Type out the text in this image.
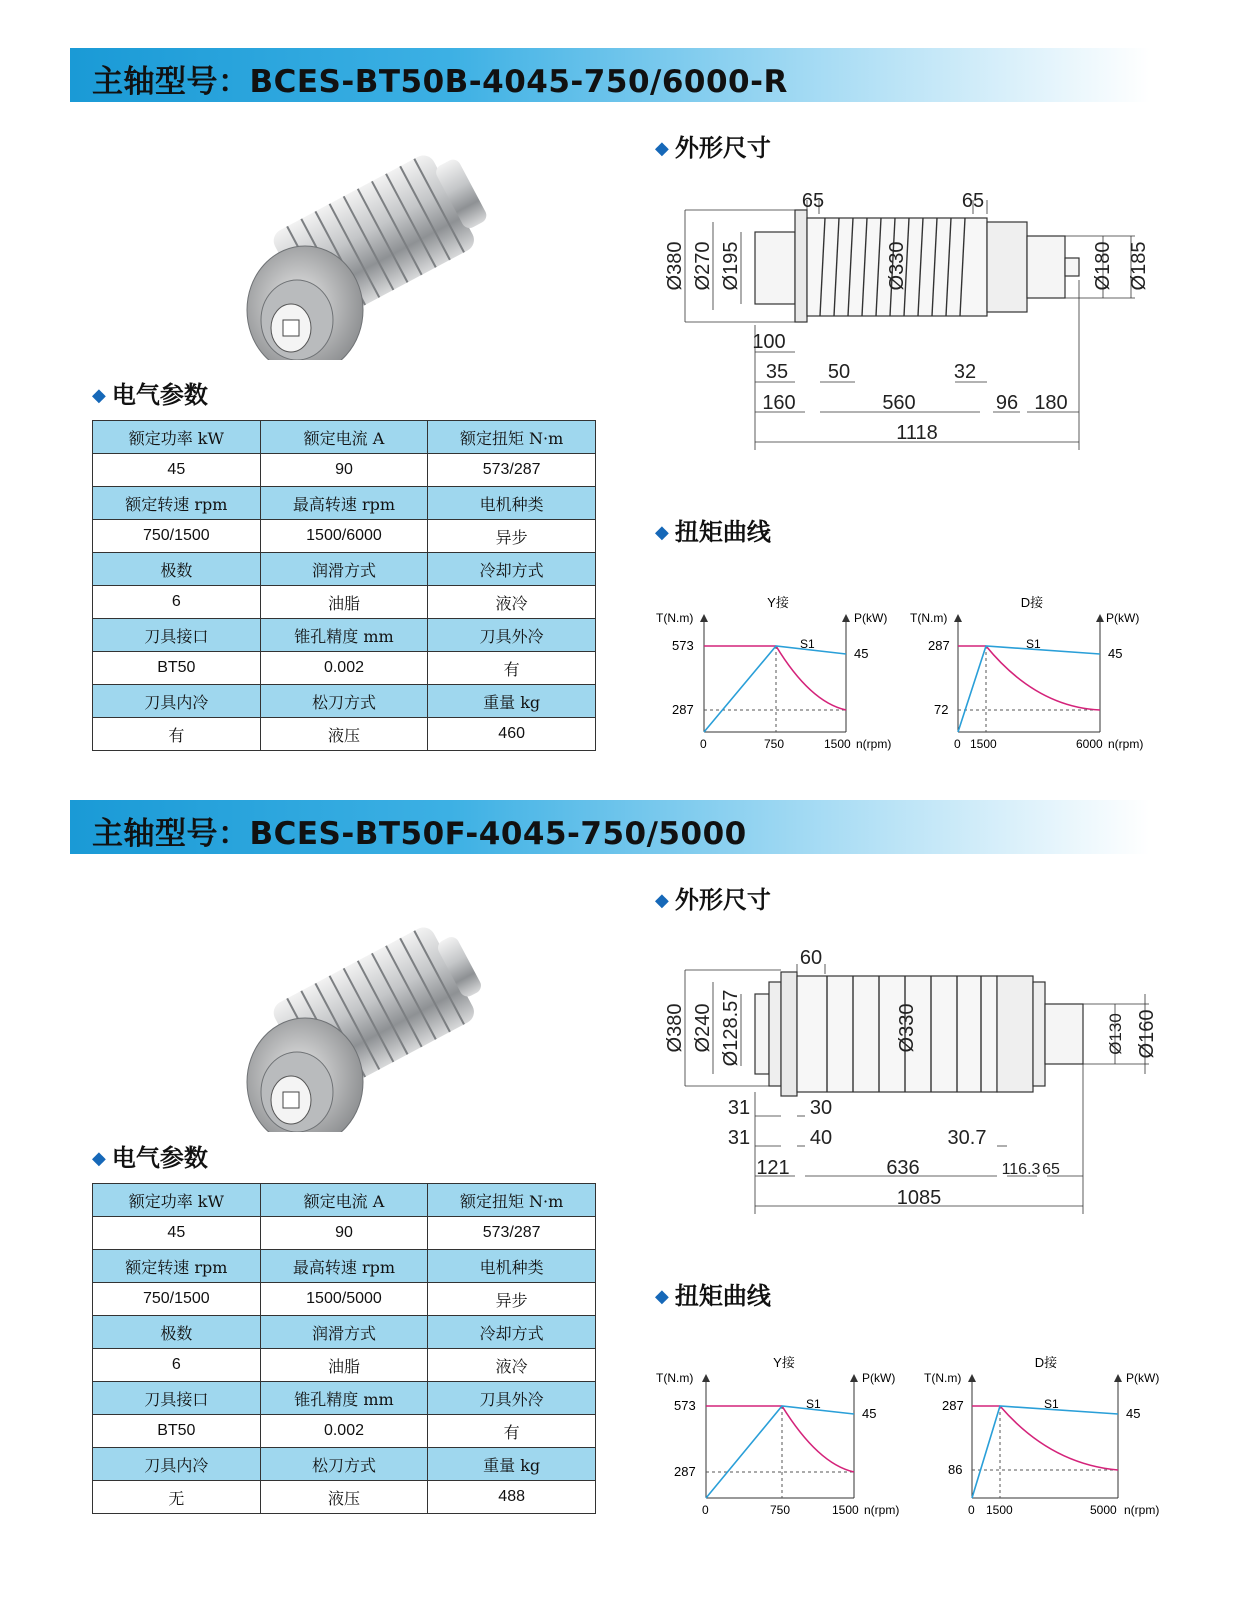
主轴型号：BCES-BT50B-4045-750/6000-R
◆ 电气参数
额定功率 kW	额定电流 A	额定扭矩 N·m
45	90	573/287
额定转速 rpm	最高转速 rpm	电机种类
750/1500	1500/6000	异步
极数	润滑方式	冷却方式
6	油脂	液冷
刀具接口	锥孔精度 mm	刀具外冷
BT50	0.002	有
刀具内冷	松刀方式	重量 kg
有	液压	460
◆ 外形尺寸
65	65
Ø380 Ø270 Ø195	Ø330	Ø180 Ø185
100
35 50	32
160	560	96 180
1118
◆ 扭矩曲线
Y接
T(N.m)	P(kW)
573
287
45
S1
0	750	1500 n(rpm)
D接
T(N.m)	P(kW)
287
72
45
S1
0 1500	6000 n(rpm)
主轴型号：BCES-BT50F-4045-750/5000
◆ 电气参数
额定功率 kW	额定电流 A	额定扭矩 N·m
45	90	573/287
额定转速 rpm	最高转速 rpm	电机种类
750/1500	1500/5000	异步
极数	润滑方式	冷却方式
6	油脂	液冷
刀具接口	锥孔精度 mm	刀具外冷
BT50	0.002	有
刀具内冷	松刀方式	重量 kg
无	液压	488
◆ 外形尺寸
60
Ø380 Ø240 Ø128.57	Ø330	Ø130 Ø160
31	30
31	40	30.7
121	636	116.3 65
1085
◆ 扭矩曲线
Y接
T(N.m)	P(kW)
573
287
45
S1
0	750	1500 n(rpm)
D接
T(N.m)	P(kW)
287
86
45
S1
0 1500	5000 n(rpm)
